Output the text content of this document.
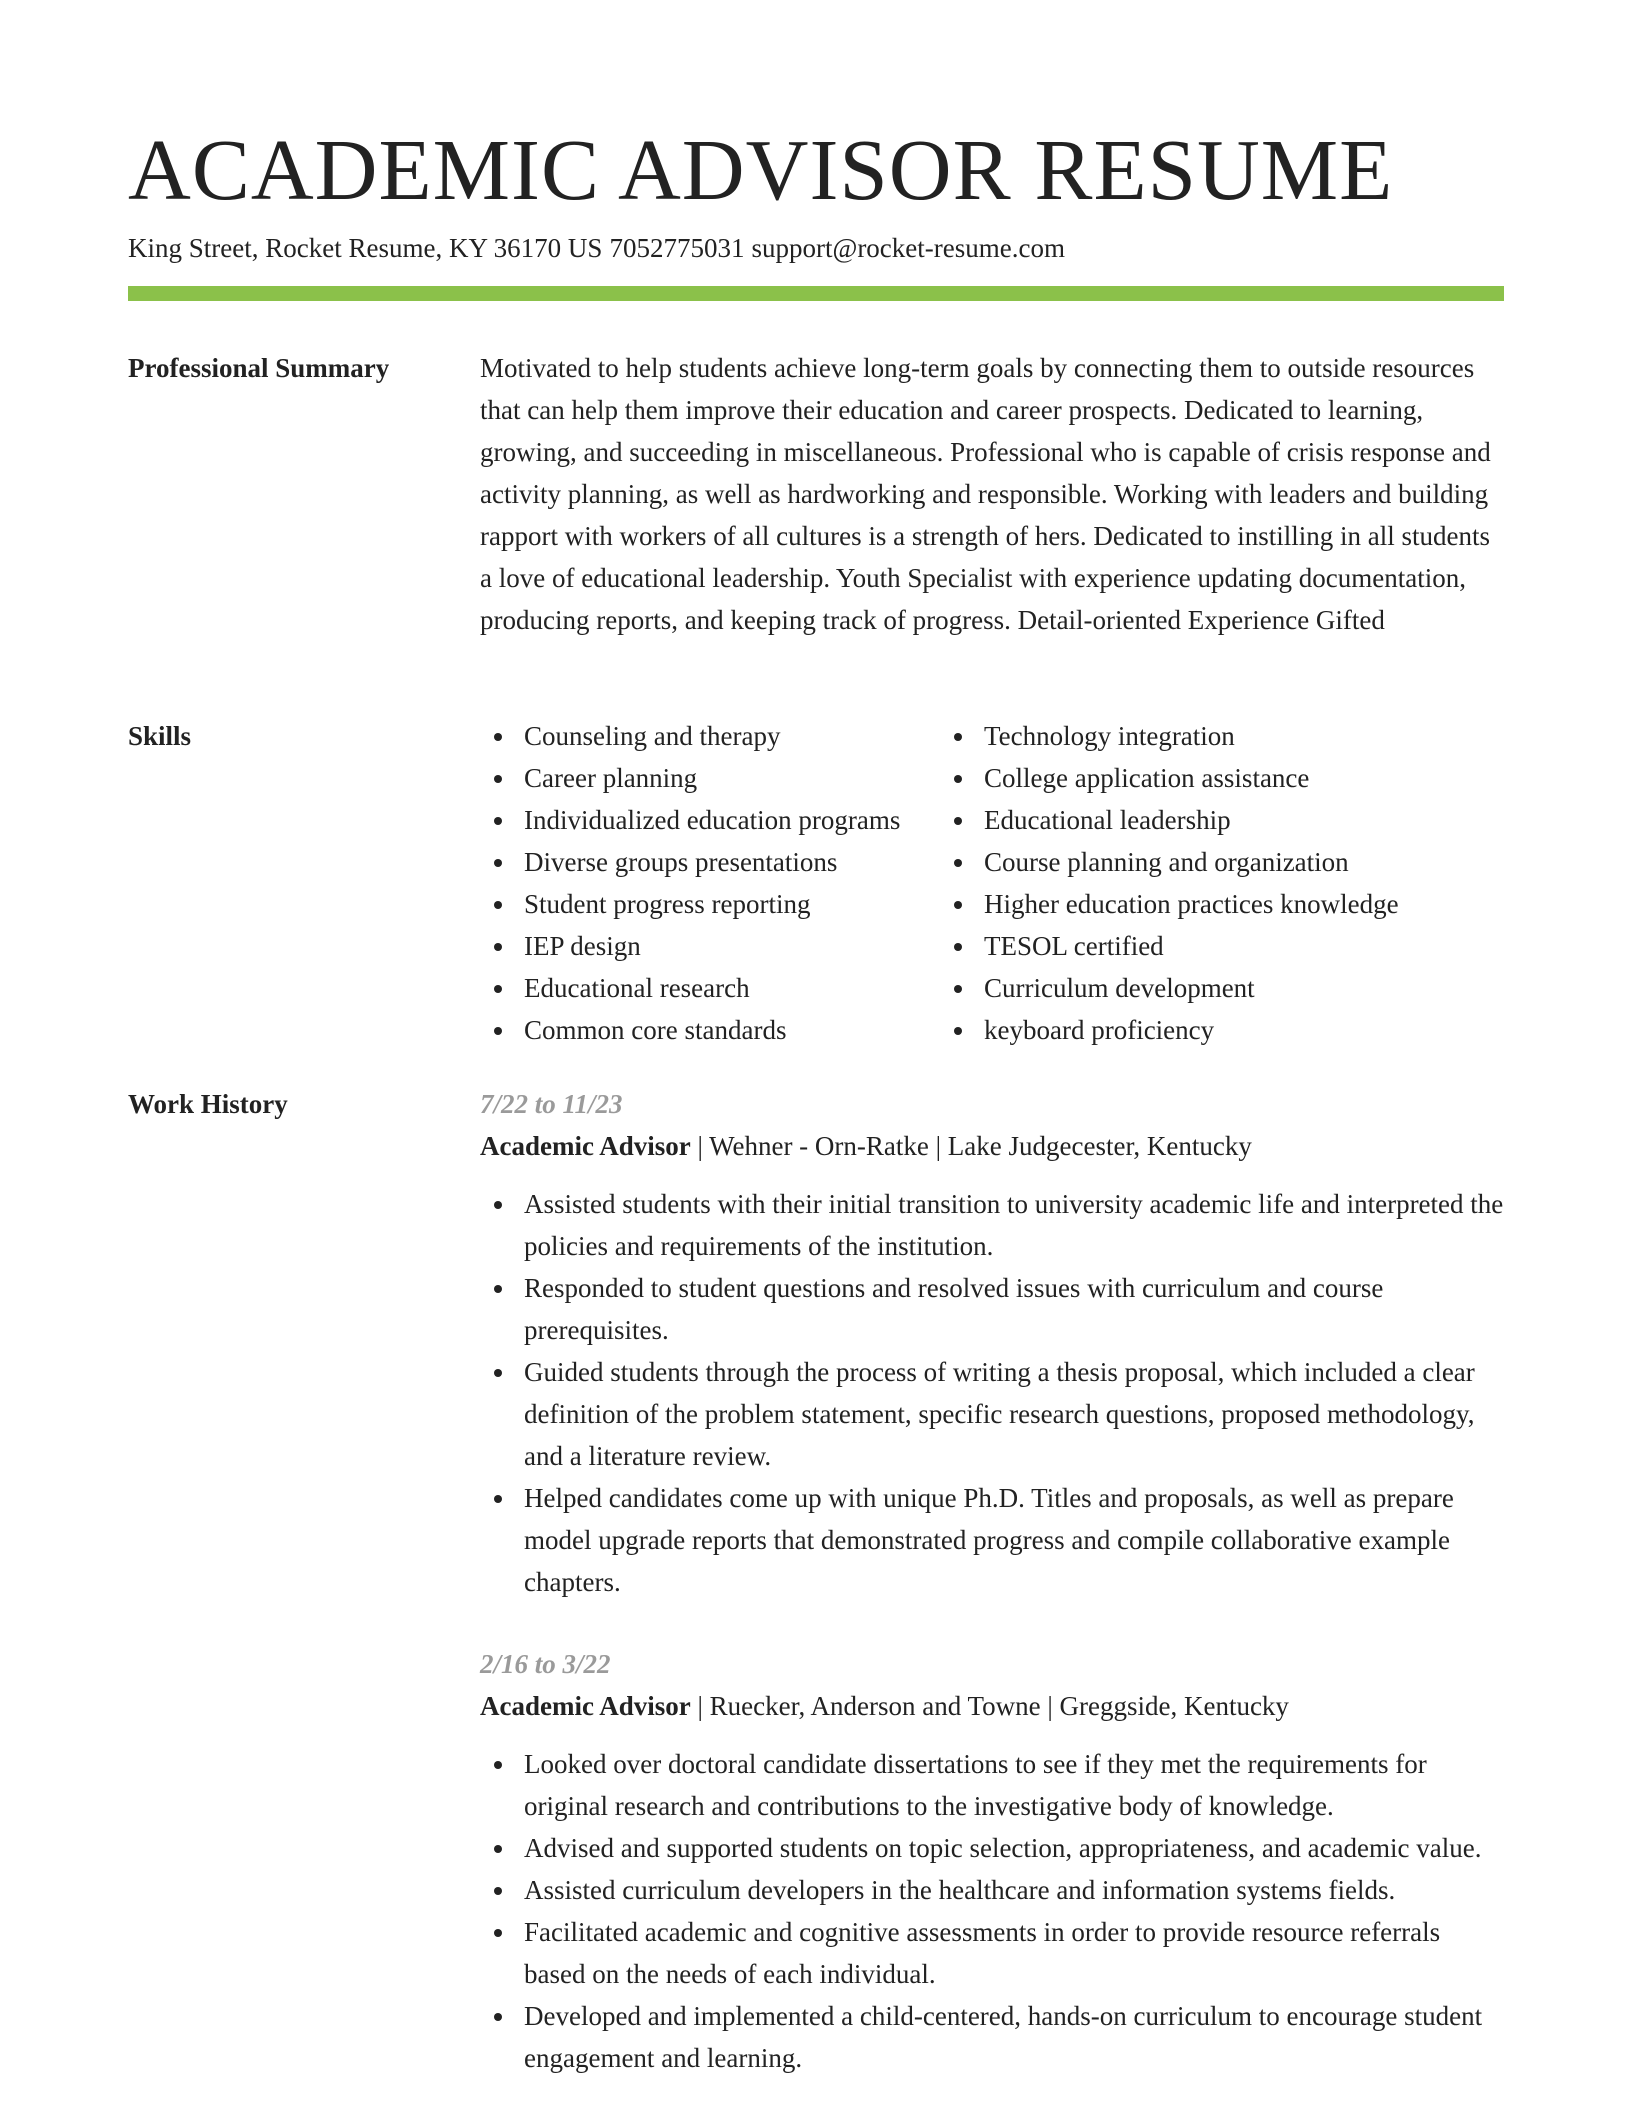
ACADEMIC ADVISOR RESUME
King Street, Rocket Resume, KY 36170 US 7052775031 support@rocket-resume.com
Professional Summary	Motivated to help students achieve long-term goals by connecting them to outside resources that can help them improve their education and career prospects. Dedicated to learning, growing, and succeeding in miscellaneous. Professional who is capable of crisis response and activity planning, as well as hardworking and responsible. Working with leaders and building rapport with workers of all cultures is a strength of hers. Dedicated to instilling in all students a love of educational leadership. Youth Specialist with experience updating documentation, producing reports, and keeping track of progress. Detail-oriented Experience Gifted

Skills	Counseling and therapy
Career planning
Individualized education programs
Diverse groups presentations
Student progress reporting
IEP design
Educational research
Common core standards
Technology integration
College application assistance
Educational leadership
Course planning and organization
Higher education practices knowledge
TESOL certified
Curriculum development
keyboard proficiency
Work History	7/22 to 11/23
Academic Advisor | Wehner - Orn-Ratke | Lake Judgecester, Kentucky
Assisted students with their initial transition to university academic life and interpreted the policies and requirements of the institution.
Responded to student questions and resolved issues with curriculum and course prerequisites.
Guided students through the process of writing a thesis proposal, which included a clear definition of the problem statement, specific research questions, proposed methodology, and a literature review.
Helped candidates come up with unique Ph.D. Titles and proposals, as well as prepare model upgrade reports that demonstrated progress and compile collaborative example chapters.
2/16 to 3/22
Academic Advisor | Ruecker, Anderson and Towne | Greggside, Kentucky
Looked over doctoral candidate dissertations to see if they met the requirements for original research and contributions to the investigative body of knowledge.
Advised and supported students on topic selection, appropriateness, and academic value.
Assisted curriculum developers in the healthcare and information systems fields.
Facilitated academic and cognitive assessments in order to provide resource referrals based on the needs of each individual.
Developed and implemented a child-centered, hands-on curriculum to encourage student engagement and learning.
